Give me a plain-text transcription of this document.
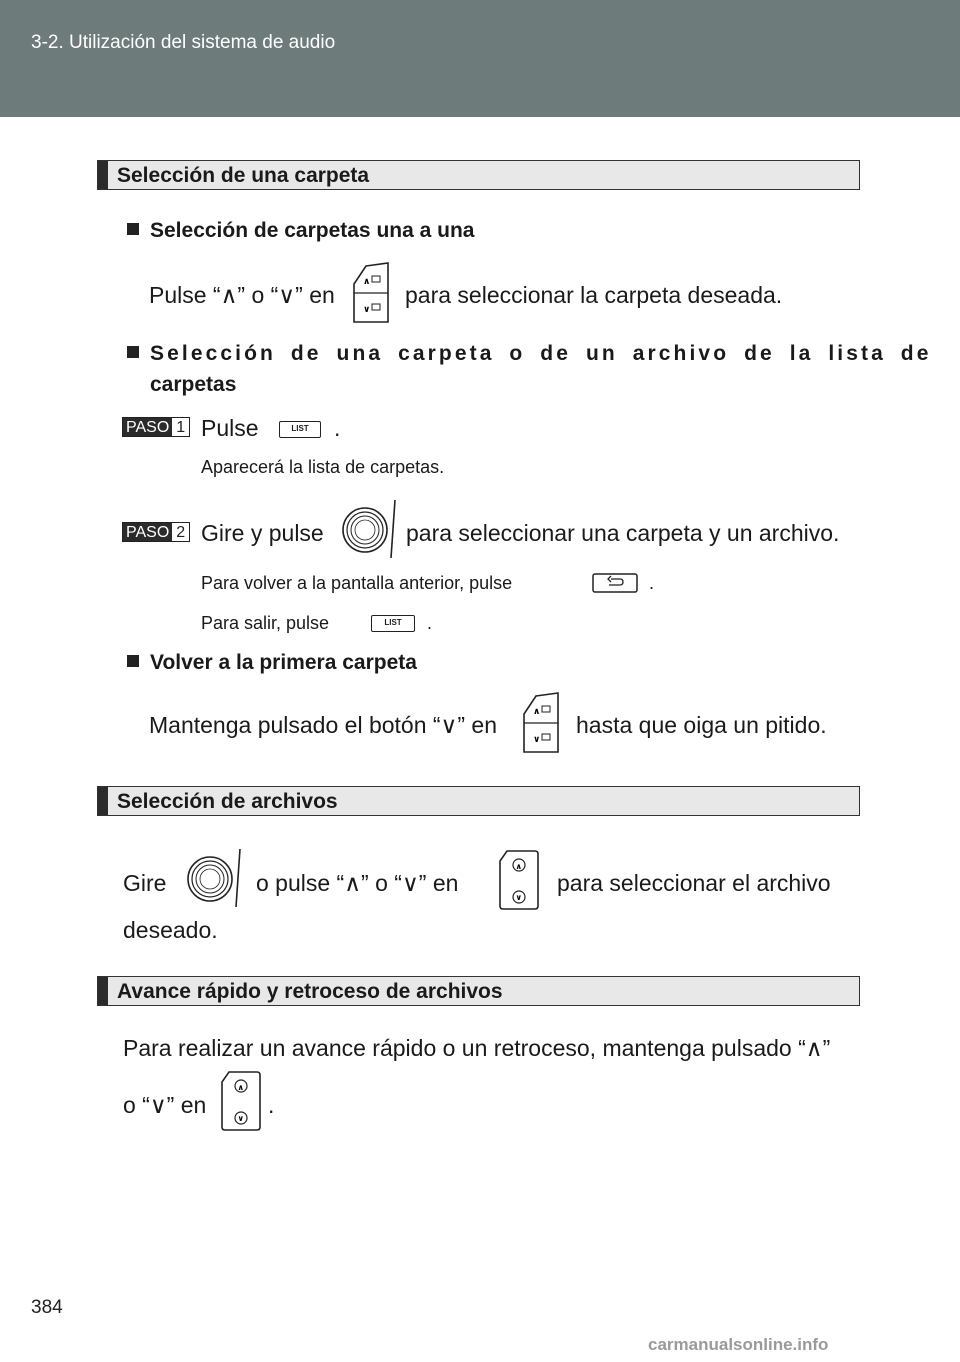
3-2. Utilización del sistema de audio
Selección de una carpeta
Selección de carpetas una a una
Pulse “∧” o “∨” en	∧
∨
para seleccionar la carpeta deseada.
Selección de una carpeta o de un archivo de la lista de
carpetas
PASO 1 Pulse	LIST	.
Aparecerá la lista de carpetas.
PASO 2 Gire y pulse	para seleccionar una carpeta y un archivo.
Para volver a la pantalla anterior, pulse	.
Para salir, pulse	LIST	.
Volver a la primera carpeta
Mantenga pulsado el botón “∨” en	∧
∨
hasta que oiga un pitido.
Selección de archivos
Gire	o pulse “∧” o “∨” en
∧
∨
para seleccionar el archivo
deseado.
Avance rápido y retroceso de archivos
Para realizar un avance rápido o un retroceso, mantenga pulsado “∧”
o “∨” en
∧
∨
.
384
carmanualsonline.info
